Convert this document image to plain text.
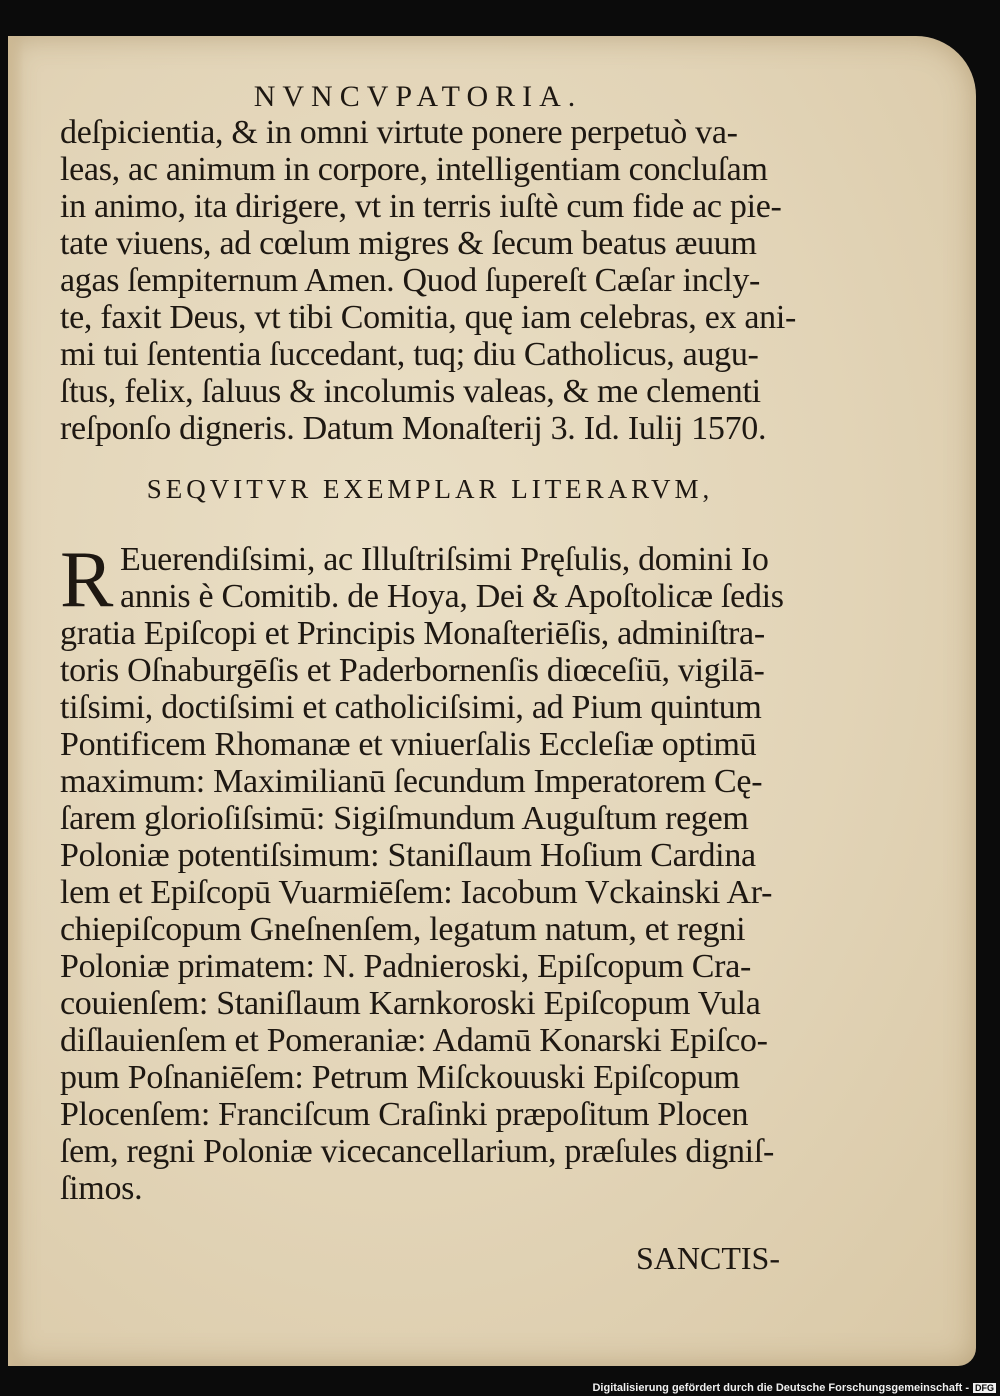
NVNCVPATORIA.
deſpicientia, & in omni virtute ponere perpetuò va-
leas, ac animum in corpore, intelligentiam concluſam
in animo, ita dirigere, vt in terris iuſtè cum fide ac pie-
tate viuens, ad cœlum migres & ſecum beatus æuum
agas ſempiternum Amen. Quod ſupereſt Cæſar incly-
te, faxit Deus, vt tibi Comitia, quę iam celebras, ex ani-
mi tui ſententia ſuccedant, tuq; diu Catholicus, augu-
ſtus, felix, ſaluus & incolumis valeas, & me clementi
reſponſo digneris. Datum Monaſterij 3. Id. Iulij 1570.
SEQVITVR EXEMPLAR LITERARVM,
R Euerendiſsimi, ac Illuſtriſsimi Pręſulis, domini Io
annis è Comitib. de Hoya, Dei & Apoſtolicæ ſedis
gratia Epiſcopi et Principis Monaſteriēſis, adminiſtra-
toris Oſnaburgēſis et Paderbornenſis diœceſiū, vigilā-
tiſsimi, doctiſsimi et catholiciſsimi, ad Pium quintum
Pontificem Rhomanæ et vniuerſalis Eccleſiæ optimū
maximum: Maximilianū ſecundum Imperatorem Cę-
ſarem glorioſiſsimū: Sigiſmundum Auguſtum regem
Poloniæ potentiſsimum: Staniſlaum Hoſium Cardina
lem et Epiſcopū Vuarmiēſem: Iacobum Vckainski Ar-
chiepiſcopum Gneſnenſem, legatum natum, et regni
Poloniæ primatem: N. Padnieroski, Epiſcopum Cra-
couienſem: Staniſlaum Karnkoroski Epiſcopum Vula
diſlauienſem et Pomeraniæ: Adamū Konarski Epiſco-
pum Poſnaniēſem: Petrum Miſckouuski Epiſcopum
Plocenſem: Franciſcum Craſinki præpoſitum Plocen
ſem, regni Poloniæ vicecancellarium, præſules digniſ-
ſimos.
SANCTIS-
Digitalisierung gefördert durch die Deutsche Forschungsgemeinschaft - DFG
